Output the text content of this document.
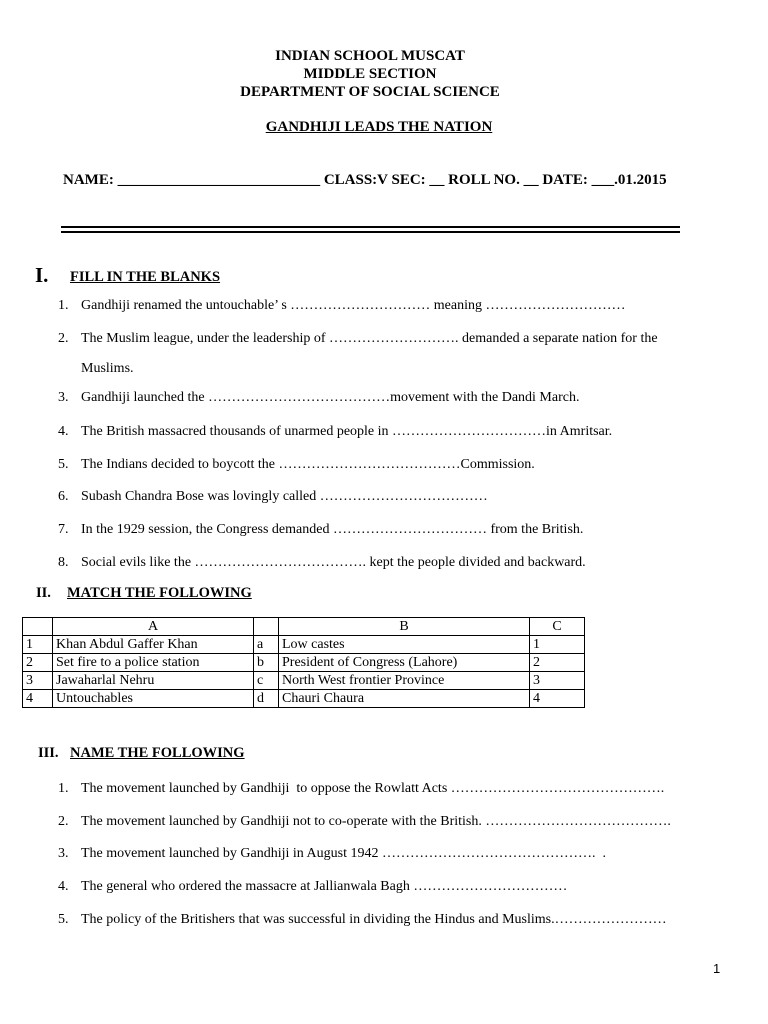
INDIAN SCHOOL MUSCAT
MIDDLE SECTION
DEPARTMENT OF SOCIAL SCIENCE
GANDHIJI LEADS THE NATION
NAME: ___________________________ CLASS:V SEC: __ ROLL NO. __ DATE: ___.01.2015
I. FILL IN THE BLANKS
1. Gandhiji renamed the untouchable’ s ………………………… meaning …………………………
2. The Muslim league, under the leadership of ………………………. demanded a separate nation for the
Muslims.
3. Gandhiji launched the …………………………………movement with the Dandi March.
4. The British massacred thousands of unarmed people in ……………………………in Amritsar.
5. The Indians decided to boycott the …………………………………Commission.
6. Subash Chandra Bose was lovingly called ………………………………
7. In the 1929 session, the Congress demanded …………………………… from the British.
8. Social evils like the ………………………………. kept the people divided and backward.
II. MATCH THE FOLLOWING
	A		B	C
1	Khan Abdul Gaffer Khan	a	Low castes	1
2	Set fire to a police station	b	President of Congress (Lahore)	2
3	Jawaharlal Nehru	c	North West frontier Province	3
4	Untouchables	d	Chauri Chaura	4
III. NAME THE FOLLOWING
1. The movement launched by Gandhiji  to oppose the Rowlatt Acts ……………………………………….
2. The movement launched by Gandhiji not to co-operate with the British. ………………………………….
3. The movement launched by Gandhiji in August 1942 ……………………………………….  .
4. The general who ordered the massacre at Jallianwala Bagh ……………………………
5. The policy of the Britishers that was successful in dividing the Hindus and Muslims.……………………
1
